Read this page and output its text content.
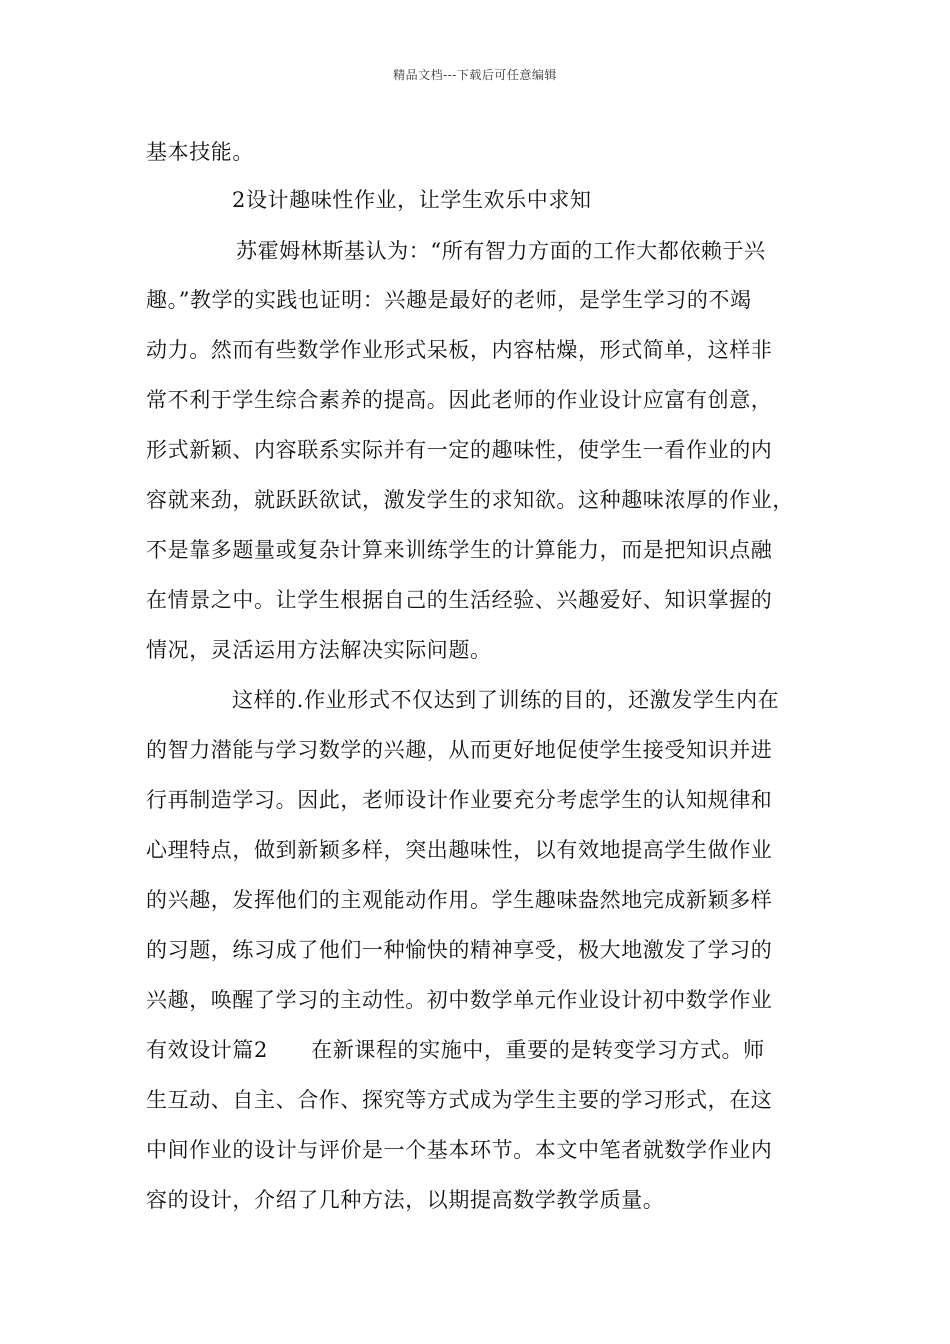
精品文档---下载后可任意编辑
基本技能。
2设计趣味性作业，让学生欢乐中求知
苏霍姆林斯基认为：“所有智力方面的工作大都依赖于兴
趣。”教学的实践也证明：兴趣是最好的老师，是学生学习的不竭
动力。然而有些数学作业形式呆板，内容枯燥，形式简单，这样非
常不利于学生综合素养的提高。因此老师的作业设计应富有创意，
形式新颖、内容联系实际并有一定的趣味性，使学生一看作业的内
容就来劲，就跃跃欲试，激发学生的求知欲。这种趣味浓厚的作业，
不是靠多题量或复杂计算来训练学生的计算能力，而是把知识点融
在情景之中。让学生根据自己的生活经验、兴趣爱好、知识掌握的
情况，灵活运用方法解决实际问题。
这样的.作业形式不仅达到了训练的目的，还激发学生内在
的智力潜能与学习数学的兴趣，从而更好地促使学生接受知识并进
行再制造学习。因此，老师设计作业要充分考虑学生的认知规律和
心理特点，做到新颖多样，突出趣味性，以有效地提高学生做作业
的兴趣，发挥他们的主观能动作用。学生趣味盎然地完成新颖多样
的习题，练习成了他们一种愉快的精神享受，极大地激发了学习的
兴趣，唤醒了学习的主动性。初中数学单元作业设计初中数学作业
有效设计篇2　　在新课程的实施中，重要的是转变学习方式。师
生互动、自主、合作、探究等方式成为学生主要的学习形式，在这
中间作业的设计与评价是一个基本环节。本文中笔者就数学作业内
容的设计，介绍了几种方法，以期提高数学教学质量。
